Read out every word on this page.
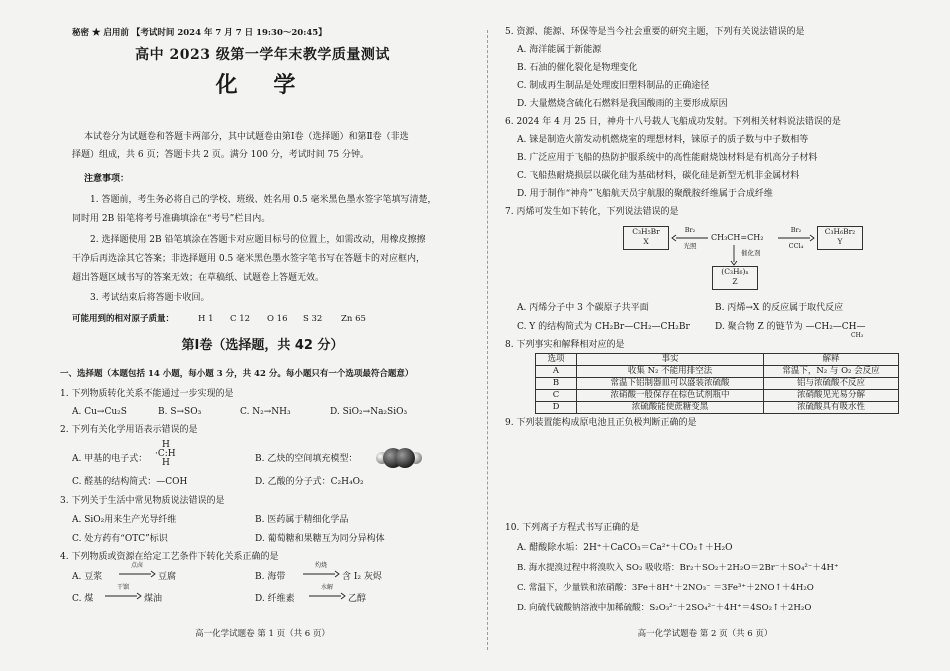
秘密 ★ 启用前 【考试时间 2024 年 7 月 7 日 19:30～20:45】
高中 2023 级第一学年末教学质量测试
化 学
本试卷分为试题卷和答题卡两部分，其中试题卷由第Ⅰ卷（选择题）和第Ⅱ卷（非选
择题）组成，共 6 页；答题卡共 2 页。满分 100 分，考试时间 75 分钟。
注意事项：
1. 答题前，考生务必将自己的学校、班级、姓名用 0.5 毫米黑色墨水签字笔填写清楚，
同时用 2B 铅笔将考号准确填涂在“考号”栏目内。
2. 选择题使用 2B 铅笔填涂在答题卡对应题目标号的位置上，如需改动，用橡皮擦擦
干净后再选涂其它答案；非选择题用 0.5 毫米黑色墨水签字笔书写在答题卡的对应框内，
超出答题区域书写的答案无效；在草稿纸、试题卷上答题无效。
3. 考试结束后将答题卡收回。
可能用到的相对原子质量：	H 1 C 12 O 16 S 32 Zn 65
第Ⅰ卷（选择题，共 42 分）
一、选择题（本题包括 14 小题，每小题 3 分，共 42 分。每小题只有一个选项最符合题意）
1. 下列物质转化关系不能通过一步实现的是
A. Cu→Cu₂S	B. S→SO₃	C. N₂→NH₃	D. SiO₂→Na₂SiO₃
2. 下列有关化学用语表示错误的是
A. 甲基的电子式：
H
·C:H
H	B. 乙炔的空间填充模型：
C. 醛基的结构简式：—COH	D. 乙酸的分子式：C₂H₄O₂
3. 下列关于生活中常见物质说法错误的是
A. SiO₂用来生产光导纤维	B. 医药属于精细化学品
C. 处方药有“OTC”标识	D. 葡萄糖和果糖互为同分异构体
4. 下列物质或资源在给定工艺条件下转化关系正确的是
A. 豆浆
点卤
豆腐	B. 海带
灼烧
含 I₂ 灰烬
C. 煤
干馏
煤油	D. 纤维素
水解
乙醇
高一化学试题卷 第 1 页（共 6 页）
5. 资源、能源、环保等是当今社会重要的研究主题，下列有关说法错误的是
A. 海洋能属于新能源
B. 石油的催化裂化是物理变化
C. 制成再生制品是处理废旧塑料制品的正确途径
D. 大量燃烧含硫化石燃料是我国酸雨的主要形成原因
6. 2024 年 4 月 25 日，神舟十八号载人飞船成功发射。下列相关材料说法错误的是
A. 铼是制造火箭发动机燃烧室的理想材料，铼原子的质子数与中子数相等
B. 广泛应用于飞船的热防护服系统中的高性能耐烧蚀材料是有机高分子材料
C. 飞船热耐烧损层以碳化硅为基础材料，碳化硅是新型无机非金属材料
D. 用于制作“神舟”飞船航天员宇航服的聚酰胺纤维属于合成纤维
7. 丙烯可发生如下转化，下列说法错误的是
C₃H₅Br
X
Br₂
光照
CH₃CH=CH₂
Br₂
CCl₄
C₃H₆Br₂
Y
催化剂
(C₃H₆)ₙ
Z
A. 丙烯分子中 3 个碳原子共平面	B. 丙烯→X 的反应属于取代反应
C. Y 的结构简式为 CH₂Br—CH₂—CH₂Br	D. 聚合物 Z 的链节为 —CH₂—CH—
CH₃
8. 下列事实和解释相对应的是
选项	事实	解释
A	收集 N₂ 不能用排空法	常温下，N₂ 与 O₂ 会反应
B	常温下铝制器皿可以盛装浓硫酸	铝与浓硫酸不反应
C	浓硝酸一般保存在棕色试剂瓶中	浓硝酸见光易分解
D	浓硫酸能使蔗糖变黑	浓硫酸具有吸水性
9. 下列装置能构成原电池且正负极判断正确的是
10. 下列离子方程式书写正确的是
A. 醋酸除水垢：2H⁺＋CaCO₃＝Ca²⁺＋CO₂↑＋H₂O
B. 海水提溴过程中将溴吹入 SO₂ 吸收塔：Br₂＋SO₂＋2H₂O＝2Br⁻＋SO₄²⁻＋4H⁺
C. 常温下，少量铁和浓硝酸：3Fe＋8H⁺＋2NO₃⁻ ＝3Fe³⁺＋2NO↑＋4H₂O
D. 向硫代硫酸钠溶液中加稀硫酸：S₂O₃²⁻＋2SO₄²⁻＋4H⁺＝4SO₂↑＋2H₂O
高一化学试题卷 第 2 页（共 6 页）
